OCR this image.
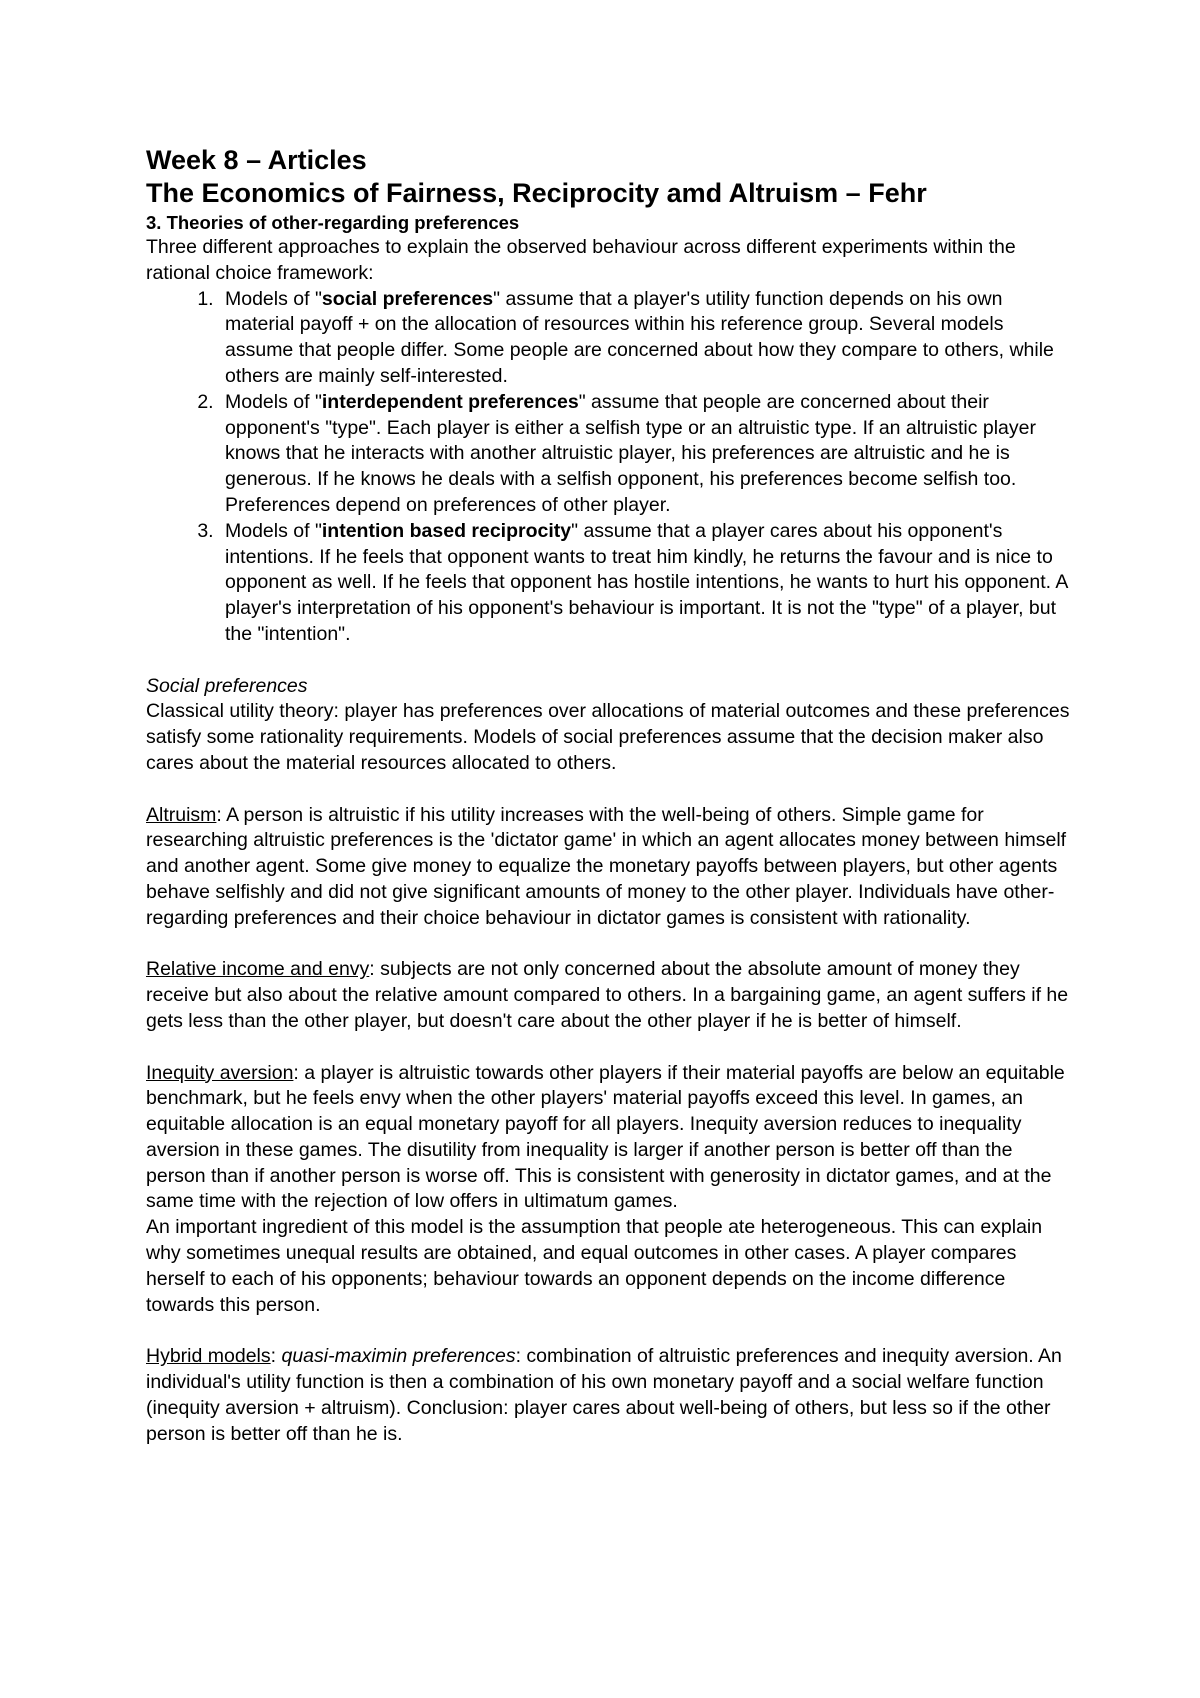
Week 8 – Articles

The Economics of Fairness, Reciprocity amd Altruism – Fehr

3. Theories of other-regarding preferences

Three different approaches to explain the observed behaviour across different experiments within the rational choice framework:

1. Models of "social preferences" assume that a player's utility function depends on his own material payoff + on the allocation of resources within his reference group. Several models assume that people differ. Some people are concerned about how they compare to others, while others are mainly self-interested.
2. Models of "interdependent preferences" assume that people are concerned about their opponent's "type". Each player is either a selfish type or an altruistic type. If an altruistic player knows that he interacts with another altruistic player, his preferences are altruistic and he is generous. If he knows he deals with a selfish opponent, his preferences become selfish too. Preferences depend on preferences of other player.
3. Models of "intention based reciprocity" assume that a player cares about his opponent's intentions. If he feels that opponent wants to treat him kindly, he returns the favour and is nice to opponent as well. If he feels that opponent has hostile intentions, he wants to hurt his opponent. A player's interpretation of his opponent's behaviour is important. It is not the "type" of a player, but the "intention".

Social preferences

Classical utility theory: player has preferences over allocations of material outcomes and these preferences satisfy some rationality requirements. Models of social preferences assume that the decision maker also cares about the material resources allocated to others.

Altruism: A person is altruistic if his utility increases with the well-being of others. Simple game for researching altruistic preferences is the 'dictator game' in which an agent allocates money between himself and another agent. Some give money to equalize the monetary payoffs between players, but other agents behave selfishly and did not give significant amounts of money to the other player. Individuals have other-regarding preferences and their choice behaviour in dictator games is consistent with rationality.

Relative income and envy: subjects are not only concerned about the absolute amount of money they receive but also about the relative amount compared to others. In a bargaining game, an agent suffers if he gets less than the other player, but doesn't care about the other player if he is better of himself.

Inequity aversion: a player is altruistic towards other players if their material payoffs are below an equitable benchmark, but he feels envy when the other players' material payoffs exceed this level. In games, an equitable allocation is an equal monetary payoff for all players. Inequity aversion reduces to inequality aversion in these games. The disutility from inequality is larger if another person is better off than the person than if another person is worse off. This is consistent with generosity in dictator games, and at the same time with the rejection of low offers in ultimatum games.

An important ingredient of this model is the assumption that people ate heterogeneous. This can explain why sometimes unequal results are obtained, and equal outcomes in other cases. A player compares herself to each of his opponents; behaviour towards an opponent depends on the income difference towards this person.

Hybrid models: quasi-maximin preferences: combination of altruistic preferences and inequity aversion. An individual's utility function is then a combination of his own monetary payoff and a social welfare function (inequity aversion + altruism). Conclusion: player cares about well-being of others, but less so if the other person is better off than he is.
